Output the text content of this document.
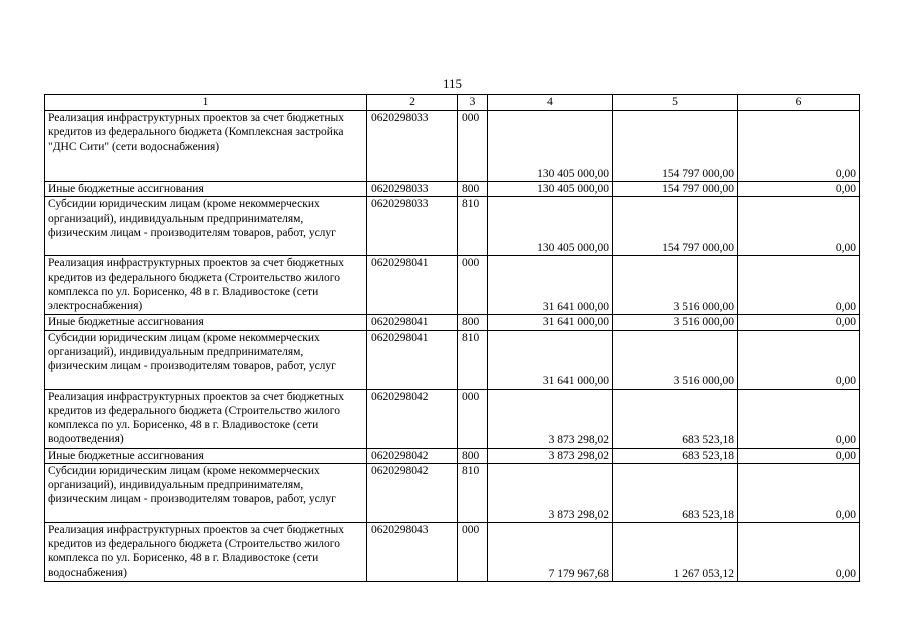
115
1	2	3	4	5	6
Реализация инфраструктурных проектов за счет бюджетных кредитов из федерального бюджета (Комплексная застройка "ДНС Сити" (сети водоснабжения)	0620298033	000	130 405 000,00	154 797 000,00	0,00
Иные бюджетные ассигнования	0620298033	800	130 405 000,00	154 797 000,00	0,00
Субсидии юридическим лицам (кроме некоммерческих организаций), индивидуальным предпринимателям, физическим лицам - производителям товаров, работ, услуг	0620298033	810	130 405 000,00	154 797 000,00	0,00
Реализация инфраструктурных проектов за счет бюджетных кредитов из федерального бюджета (Строительство жилого комплекса по ул. Борисенко, 48 в г. Владивостоке (сети электроснабжения)	0620298041	000	31 641 000,00	3 516 000,00	0,00
Иные бюджетные ассигнования	0620298041	800	31 641 000,00	3 516 000,00	0,00
Субсидии юридическим лицам (кроме некоммерческих организаций), индивидуальным предпринимателям, физическим лицам - производителям товаров, работ, услуг	0620298041	810	31 641 000,00	3 516 000,00	0,00
Реализация инфраструктурных проектов за счет бюджетных кредитов из федерального бюджета (Строительство жилого комплекса по ул. Борисенко, 48 в г. Владивостоке (сети водоотведения)	0620298042	000	3 873 298,02	683 523,18	0,00
Иные бюджетные ассигнования	0620298042	800	3 873 298,02	683 523,18	0,00
Субсидии юридическим лицам (кроме некоммерческих организаций), индивидуальным предпринимателям, физическим лицам - производителям товаров, работ, услуг	0620298042	810	3 873 298,02	683 523,18	0,00
Реализация инфраструктурных проектов за счет бюджетных кредитов из федерального бюджета (Строительство жилого комплекса по ул. Борисенко, 48 в г. Владивостоке (сети водоснабжения)	0620298043	000	7 179 967,68	1 267 053,12	0,00
